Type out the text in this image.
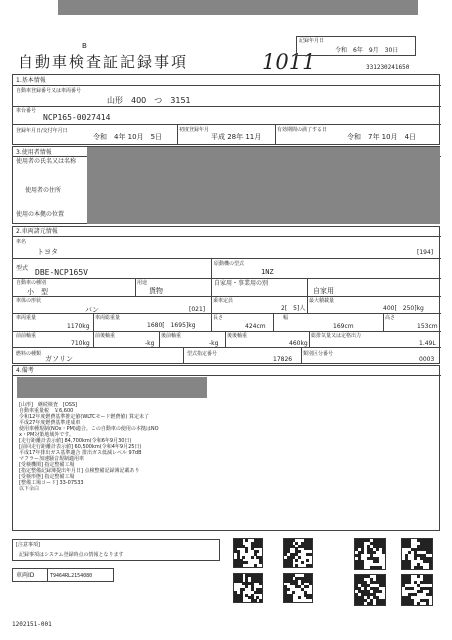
B
自動車検査証記録事項	1011
記録年月日
令和　6年　9月　30日
331230241650
1.基本情報
自動車登録番号又は車両番号
山形　400　つ　3151
車台番号
NCP165-0027414
登録年月日/交付年月日
令和　4年 10月　5日
初度登録年月
平成 28年 11月
有効期間の満了する日
令和　7年 10月　4日
3.使用者情報
使用者の氏名又は名称
使用者の住所
使用の本拠の位置
2.車両諸元情報
車名
トヨタ	[194]
型式 DBE-NCP165V
原動機の型式
1NZ
自動車の種別
小　型
用途
貨物
自家用・事業用の別
自家用
車体の形状
バン	[021]
乗車定員
2[　5]人
最大積載量
400[　250]kg
車両重量
1170kg
車両総重量
1680[　1695]kg
長さ
424cm
幅
169cm
高さ
153cm
前前軸重
710kg
前後軸重
-kg
後前軸重
-kg
後後軸重
460kg
総排気量又は定格出力
1.49L
燃料の種類
ガソリン
型式指定番号
17826
類別区分番号
0003
4.備考
[山形]　継続検査　[OSS]
自動車重量税　￥6,600
令和12年度燃費基準推定値(WLTCモード燃費値) 算定未了
平成27年度燃費基準達成車
使用車種規制(NOx・PM)適合。この自動車の使用の本拠はNO
x・PM対策地域外です。
[走行距離計表示値] 84,700km(令和6年9月30日)
[前回走行距離計表示値] 60,500km(令和4年9月25日)
平成17年排出ガス基準適合 排出ガス低減レベル 97dB
マフラー加速騒音規制適用車
[受検機関] 指定整備工場
[指定整備記録簿提出年月日] 点検整備記録簿記載あり
[受検形態] 指定整備工場
[整備工場コード] 33-07533
以下余白
[注意事項]
記録事項はシステム登録時点の情報となります
車両ID	T9464RL2154080
1202151-001
